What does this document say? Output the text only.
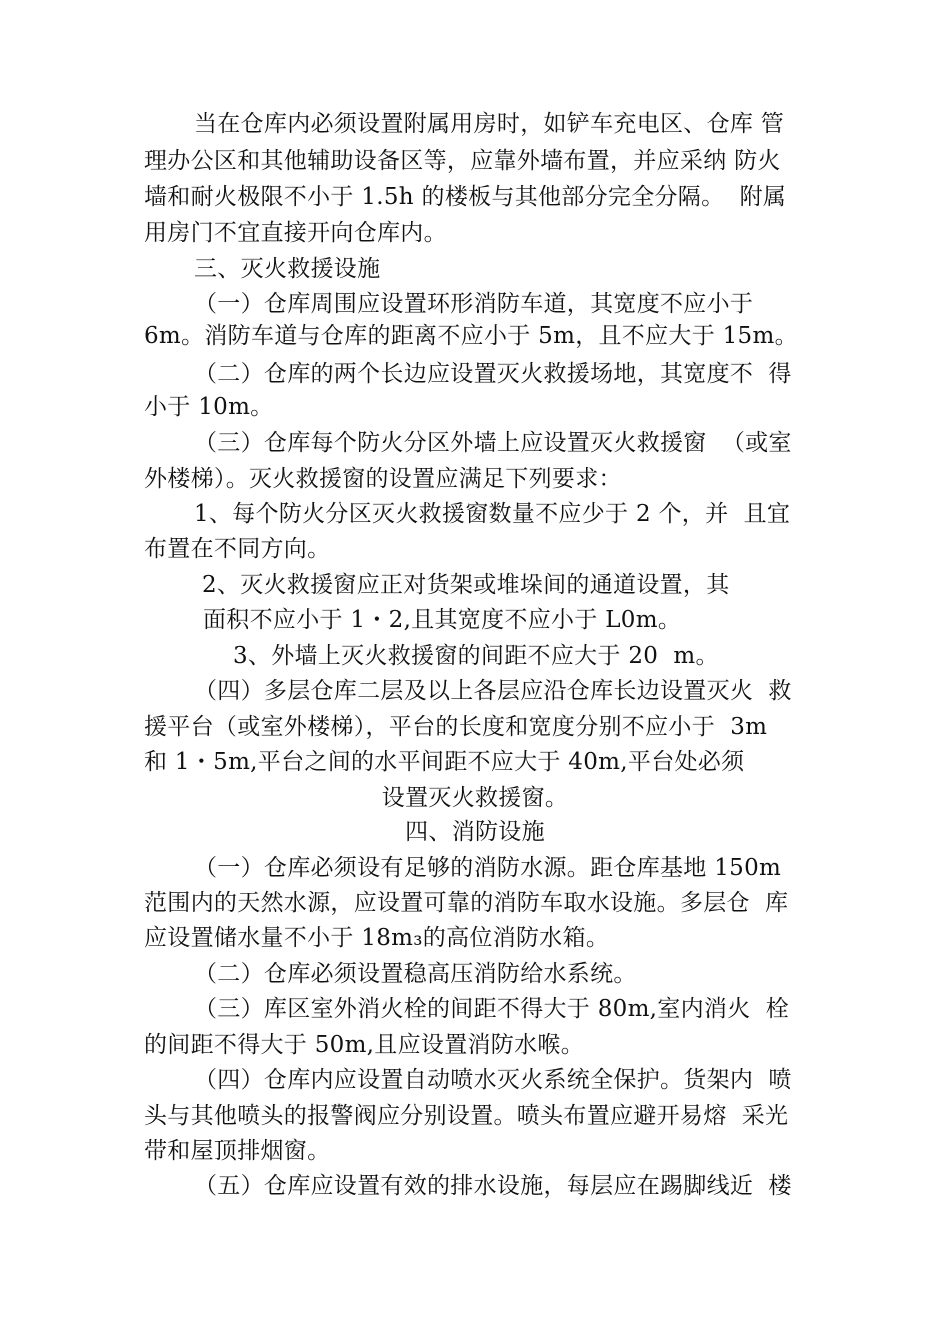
当在仓库内必须设置附属用房时，如铲车充电区、仓库 管
理办公区和其他辅助设备区等，应靠外墙布置，并应采纳 防火
墙和耐火极限不小于 1.5h 的楼板与其他部分完全分隔。  附属
用房门不宜直接开向仓库内。
三、灭火救援设施
（一）仓库周围应设置环形消防车道，其宽度不应小于
6m。消防车道与仓库的距离不应小于 5m，且不应大于 15m。
（二）仓库的两个长边应设置灭火救援场地，其宽度不  得
小于 10m。
（三）仓库每个防火分区外墙上应设置灭火救援窗  （或室
外楼梯）。灭火救援窗的设置应满足下列要求：
1、每个防火分区灭火救援窗数量不应少于 2 个，并  且宜
布置在不同方向。
2、灭火救援窗应正对货架或堆垛间的通道设置，其
面积不应小于 1・2,且其宽度不应小于 L0m。
3、外墙上灭火救援窗的间距不应大于 20  m。
（四）多层仓库二层及以上各层应沿仓库长边设置灭火  救
援平台（或室外楼梯），平台的长度和宽度分别不应小于  3m
和 1・5m,平台之间的水平间距不应大于 40m,平台处必须
设置灭火救援窗。
四、消防设施
（一）仓库必须设有足够的消防水源。距仓库基地 150m
范围内的天然水源，应设置可靠的消防车取水设施。多层仓  库
应设置储水量不小于 18m₃的高位消防水箱。
（二）仓库必须设置稳高压消防给水系统。
（三）库区室外消火栓的间距不得大于 80m,室内消火  栓
的间距不得大于 50m,且应设置消防水喉。
（四）仓库内应设置自动喷水灭火系统全保护。货架内  喷
头与其他喷头的报警阀应分别设置。喷头布置应避开易熔  采光
带和屋顶排烟窗。
（五）仓库应设置有效的排水设施，每层应在踢脚线近  楼
